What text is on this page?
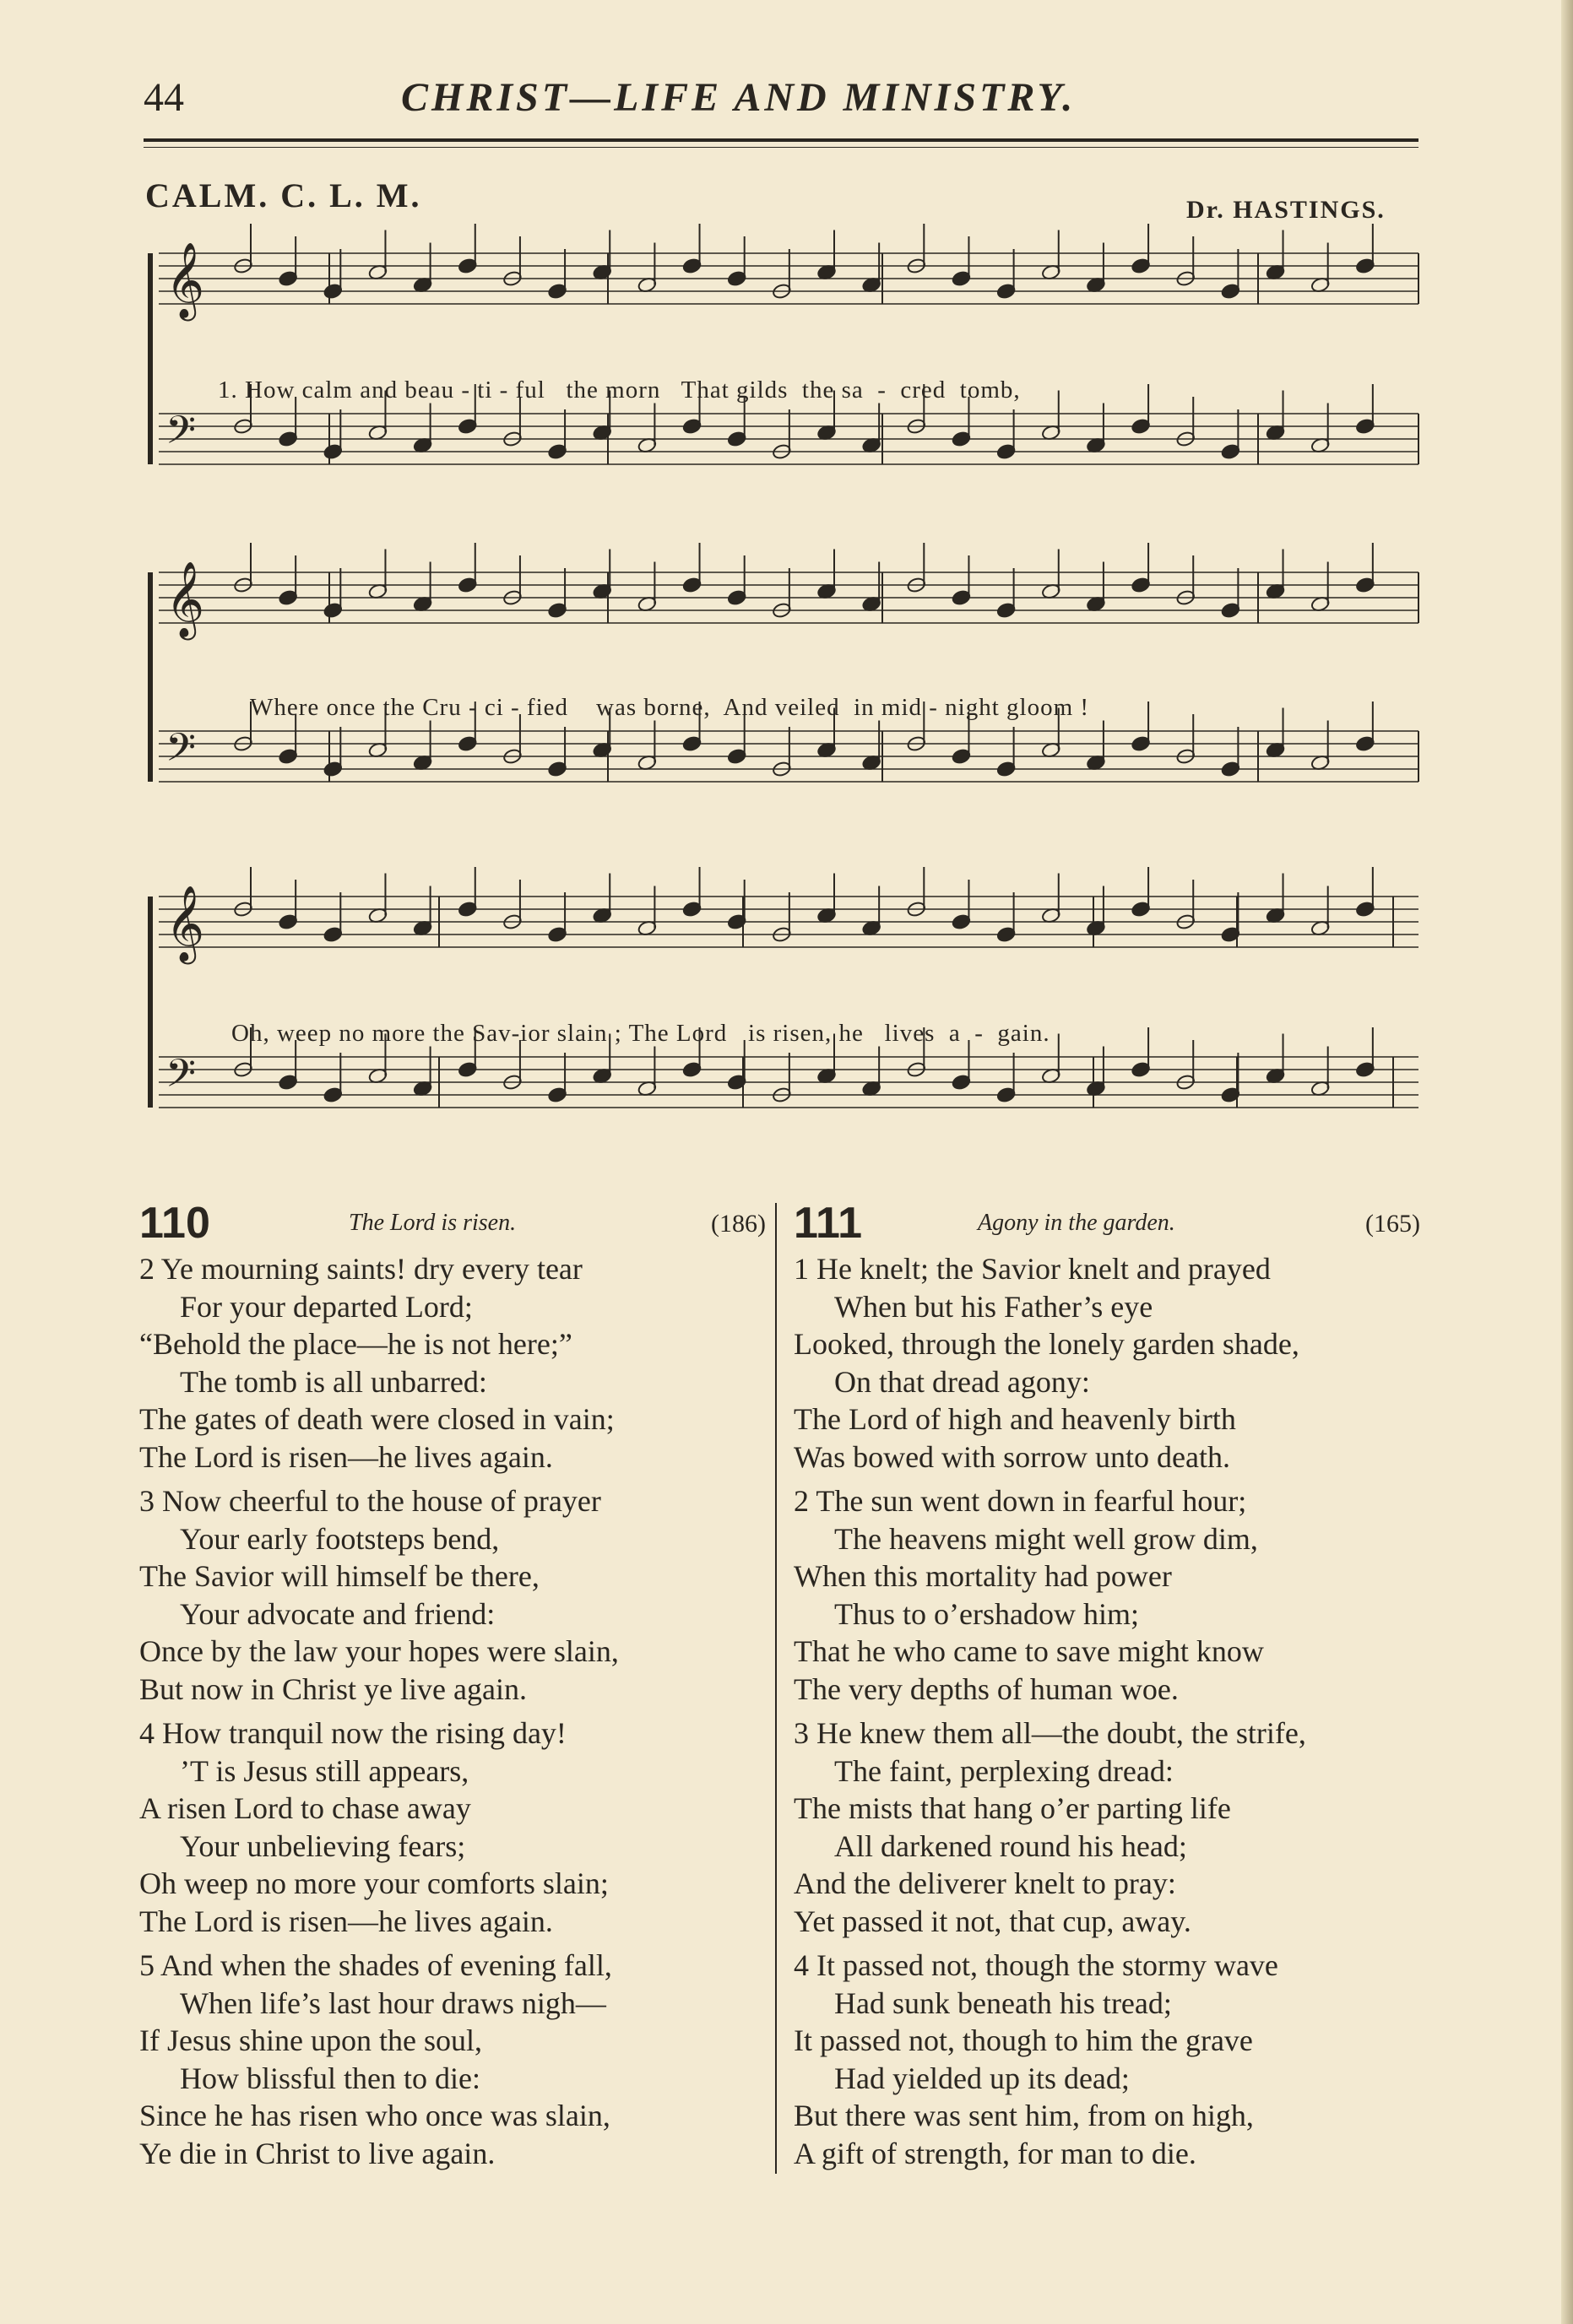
44	CHRIST—LIFE AND MINISTRY.
CALM. C. L. M.	Dr. HASTINGS.
𝄞
𝄢
𝄞
𝄢
𝄞
𝄢
1. How calm and beau - ti - ful   the morn   That gilds  the sa  -  cred  tomb,
Where once the Cru - ci - fied    was borne,  And veiled  in mid - night gloom !
Oh, weep no more the Sav-ior slain ; The Lord   is risen, he   lives  a  -  gain.
110	The Lord is risen.	(186)
2 Ye mourning saints! dry every tear
For your departed Lord;
“Behold the place—he is not here;”
The tomb is all unbarred:
The gates of death were closed in vain;
The Lord is risen—he lives again.
3 Now cheerful to the house of prayer
Your early footsteps bend,
The Savior will himself be there,
Your advocate and friend:
Once by the law your hopes were slain,
But now in Christ ye live again.
4 How tranquil now the rising day!
’T is Jesus still appears,
A risen Lord to chase away
Your unbelieving fears;
Oh weep no more your comforts slain;
The Lord is risen—he lives again.
5 And when the shades of evening fall,
When life’s last hour draws nigh—
If Jesus shine upon the soul,
How blissful then to die:
Since he has risen who once was slain,
Ye die in Christ to live again.
111	Agony in the garden.	(165)
1 He knelt; the Savior knelt and prayed
When but his Father’s eye
Looked, through the lonely garden shade,
On that dread agony:
The Lord of high and heavenly birth
Was bowed with sorrow unto death.
2 The sun went down in fearful hour;
The heavens might well grow dim,
When this mortality had power
Thus to o’ershadow him;
That he who came to save might know
The very depths of human woe.
3 He knew them all—the doubt, the strife,
The faint, perplexing dread:
The mists that hang o’er parting life
All darkened round his head;
And the deliverer knelt to pray:
Yet passed it not, that cup, away.
4 It passed not, though the stormy wave
Had sunk beneath his tread;
It passed not, though to him the grave
Had yielded up its dead;
But there was sent him, from on high,
A gift of strength, for man to die.
